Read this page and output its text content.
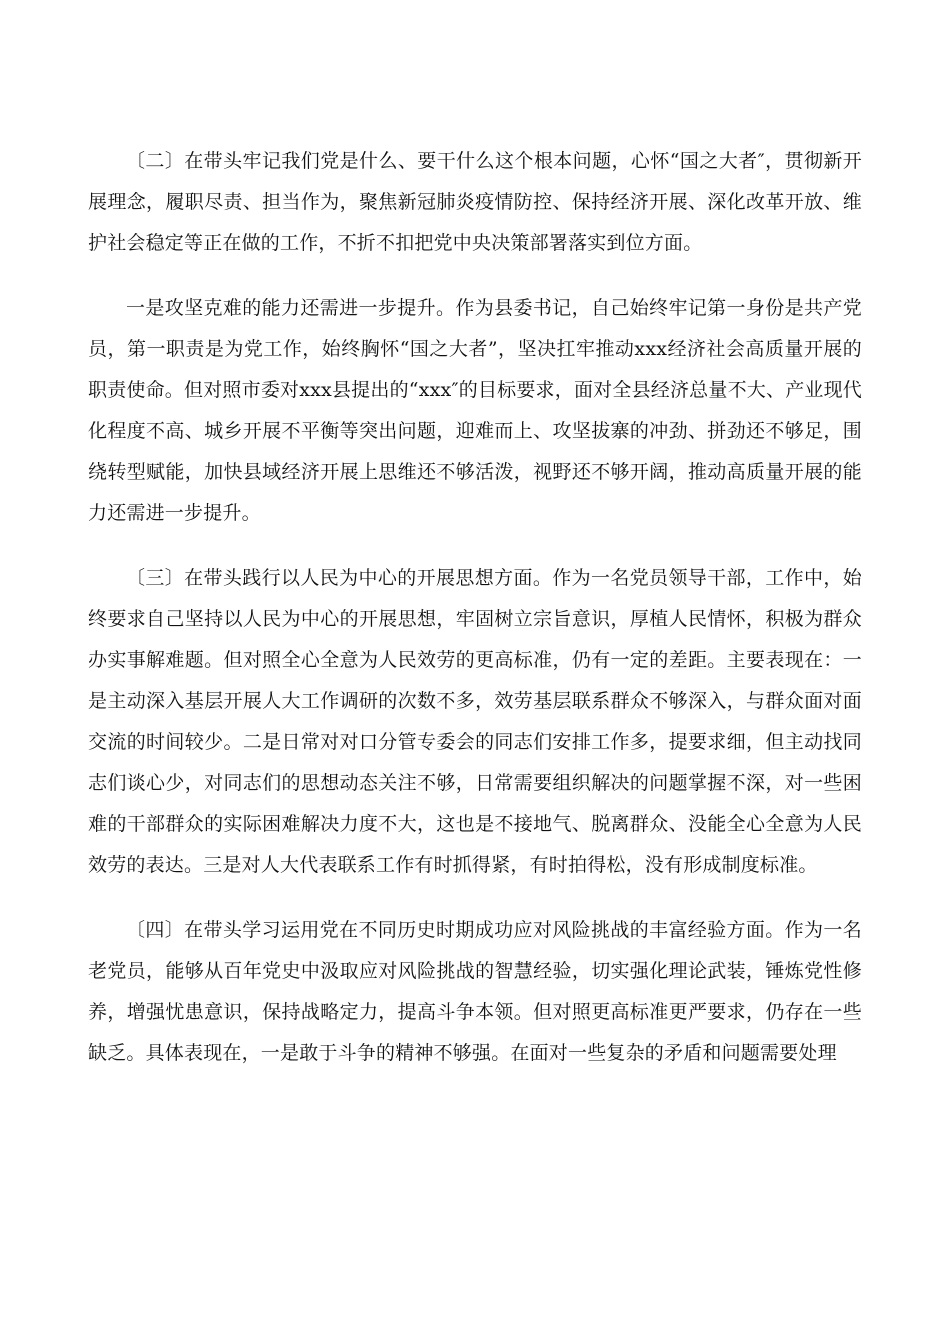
〔二〕在带头牢记我们党是什么、要干什么这个根本问题，心怀“国之大者″，贯彻新开展理念，履职尽责、担当作为，聚焦新冠肺炎疫情防控、保持经济开展、深化改革开放、维护社会稳定等正在做的工作，不折不扣把党中央决策部署落实到位方面。

一是攻坚克难的能力还需进一步提升。作为县委书记，自己始终牢记第一身份是共产党员，第一职责是为党工作，始终胸怀“国之大者”，坚决扛牢推动xxx经济社会高质量开展的职责使命。但对照市委对xxx县提出的“xxx″的目标要求，面对全县经济总量不大、产业现代化程度不高、城乡开展不平衡等突出问题，迎难而上、攻坚拔寨的冲劲、拼劲还不够足，围绕转型赋能，加快县域经济开展上思维还不够活泼，视野还不够开阔，推动高质量开展的能力还需进一步提升。

〔三〕在带头践行以人民为中心的开展思想方面。作为一名党员领导干部，工作中，始终要求自己坚持以人民为中心的开展思想，牢固树立宗旨意识，厚植人民情怀，积极为群众办实事解难题。但对照全心全意为人民效劳的更高标准，仍有一定的差距。主要表现在：一是主动深入基层开展人大工作调研的次数不多，效劳基层联系群众不够深入，与群众面对面交流的时间较少。二是日常对对口分管专委会的同志们安排工作多，提要求细，但主动找同志们谈心少，对同志们的思想动态关注不够，日常需要组织解决的问题掌握不深，对一些困难的干部群众的实际困难解决力度不大，这也是不接地气、脱离群众、没能全心全意为人民效劳的表达。三是对人大代表联系工作有时抓得紧，有时拍得松，没有形成制度标准。

〔四〕在带头学习运用党在不同历史时期成功应对风险挑战的丰富经验方面。作为一名老党员，能够从百年党史中汲取应对风险挑战的智慧经验，切实强化理论武装，锤炼党性修养，增强忧患意识，保持战略定力，提高斗争本领。但对照更高标准更严要求，仍存在一些缺乏。具体表现在，一是敢于斗争的精神不够强。在面对一些复杂的矛盾和问题需要处理
